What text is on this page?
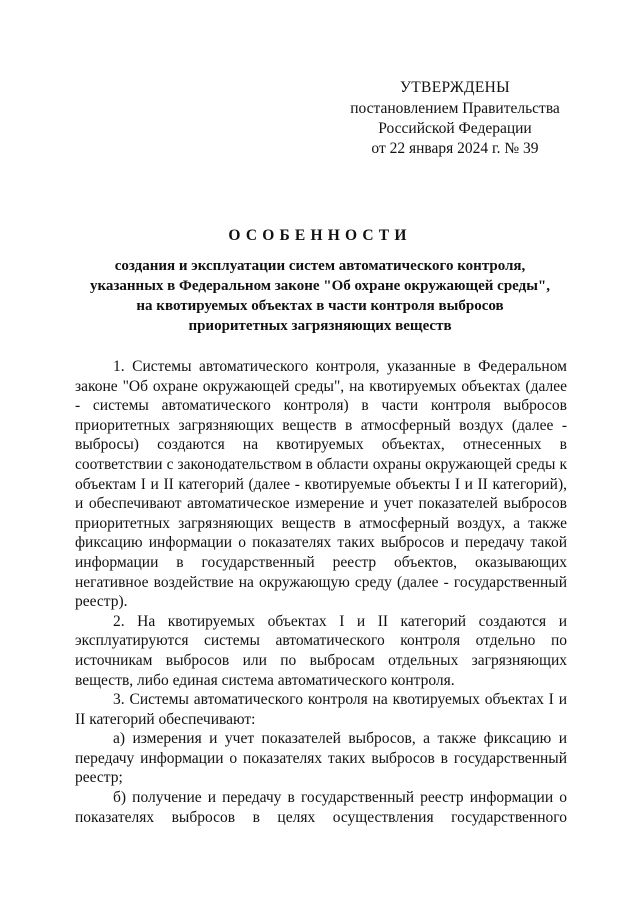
УТВЕРЖДЕНЫ
постановлением Правительства
Российской Федерации
от 22 января 2024 г. № 39
ОСОБЕННОСТИ
создания и эксплуатации систем автоматического контроля,
указанных в Федеральном законе "Об охране окружающей среды",
на квотируемых объектах в части контроля выбросов
приоритетных загрязняющих веществ

1. Системы автоматического контроля, указанные в Федеральном законе "Об охране окружающей среды", на квотируемых объектах (далее - системы автоматического контроля) в части контроля выбросов приоритетных загрязняющих веществ в атмосферный воздух (далее - выбросы) создаются на квотируемых объектах, отнесенных в соответствии с законодательством в области охраны окружающей среды к объектам I и II категорий (далее - квотируемые объекты I и II категорий), и обеспечивают автоматическое измерение и учет показателей выбросов приоритетных загрязняющих веществ в атмосферный воздух, а также фиксацию информации о показателях таких выбросов и передачу такой информации в государственный реестр объектов, оказывающих негативное воздействие на окружающую среду (далее - государственный реестр).

2. На квотируемых объектах I и II категорий создаются и эксплуатируются системы автоматического контроля отдельно по источникам выбросов или по выбросам отдельных загрязняющих веществ, либо единая система автоматического контроля.

3. Системы автоматического контроля на квотируемых объектах I и II категорий обеспечивают:

а) измерения и учет показателей выбросов, а также фиксацию и передачу информации о показателях таких выбросов в государственный реестр;

б) получение и передачу в государственный реестр информации о показателях выбросов в целях осуществления государственного
